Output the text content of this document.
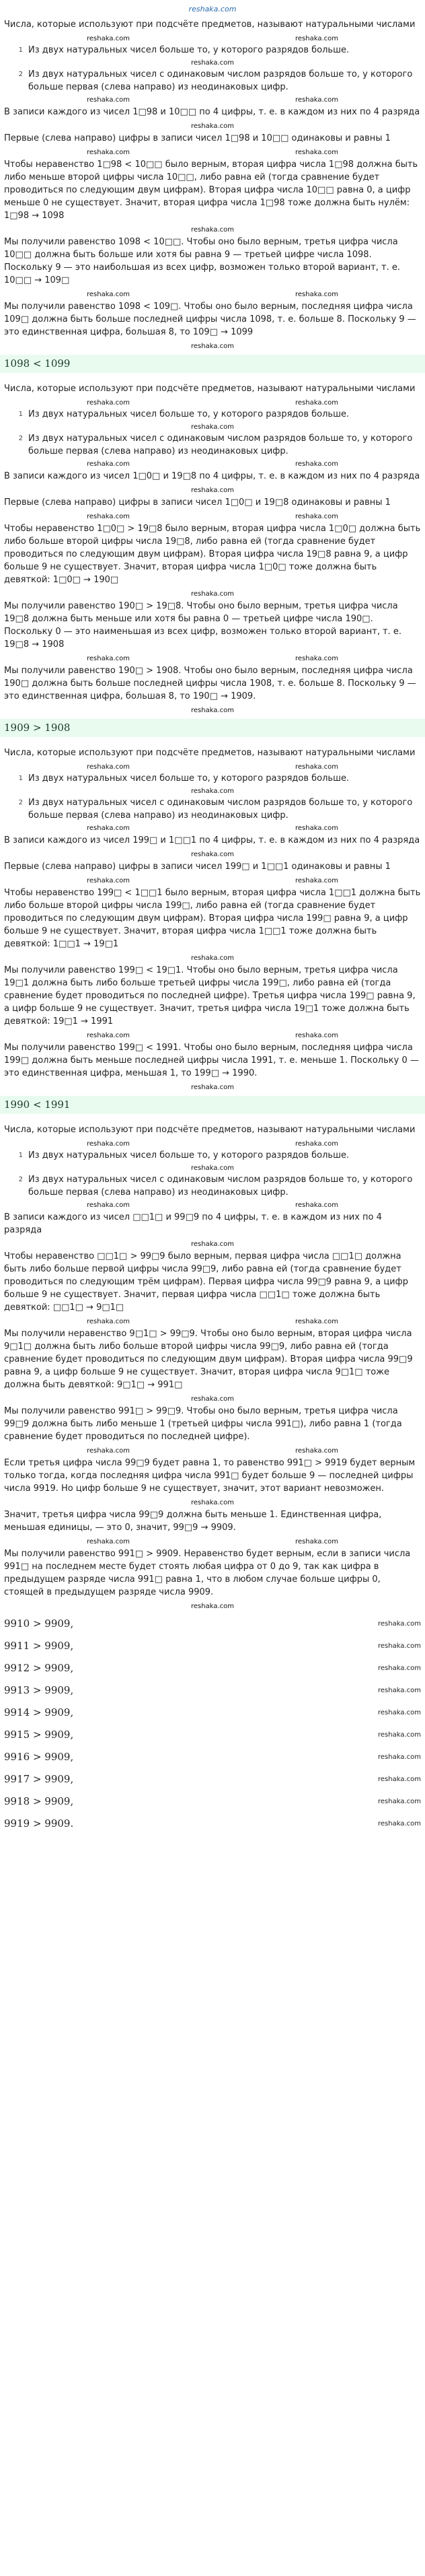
reshaka.com
Числа, которые используют при подсчёте предметов, называют натуральными числами
reshaka.com	reshaka.com
1 Из двух натуральных чисел больше то, у которого разрядов больше.
reshaka.com
2 Из двух натуральных чисел с одинаковым числом разрядов больше то, у которого больше первая (слева направо) из неодинаковых цифр.
reshaka.com	reshaka.com
В записи каждого из чисел 1□98 и 10□□ по 4 цифры, т. е. в каждом из них по 4 разряда
reshaka.com
Первые (слева направо) цифры в записи чисел 1□98 и 10□□ одинаковы и равны 1
reshaka.com	reshaka.com
Чтобы неравенство 1□98 < 10□□ было верным, вторая цифра числа 1□98 должна быть либо меньше второй цифры числа 10□□, либо равна ей (тогда сравнение будет проводиться по следующим двум цифрам). Вторая цифра числа 10□□ равна 0, а цифр меньше 0 не существует. Значит, вторая цифра числа 1□98 тоже должна быть нулём: 1□98 → 1098
reshaka.com
Мы получили равенство 1098 < 10□□. Чтобы оно было верным, третья цифра числа 10□□ должна быть больше или хотя бы равна 9 — третьей цифре числа 1098. Поскольку 9 — это наибольшая из всех цифр, возможен только второй вариант, т. е. 10□□ → 109□
reshaka.com	reshaka.com
Мы получили равенство 1098 < 109□. Чтобы оно было верным, последняя цифра числа 109□ должна быть больше последней цифры числа 1098, т. е. больше 8. Поскольку 9 — это единственная цифра, большая 8, то 109□ → 1099
reshaka.com
1098 < 1099
Числа, которые используют при подсчёте предметов, называют натуральными числами
reshaka.com	reshaka.com
1 Из двух натуральных чисел больше то, у которого разрядов больше.
reshaka.com
2 Из двух натуральных чисел с одинаковым числом разрядов больше то, у которого больше первая (слева направо) из неодинаковых цифр.
reshaka.com	reshaka.com
В записи каждого из чисел 1□0□ и 19□8 по 4 цифры, т. е. в каждом из них по 4 разряда
reshaka.com
Первые (слева направо) цифры в записи чисел 1□0□ и 19□8 одинаковы и равны 1
reshaka.com	reshaka.com
Чтобы неравенство 1□0□ > 19□8 было верным, вторая цифра числа 1□0□ должна быть либо больше второй цифры числа 19□8, либо равна ей (тогда сравнение будет проводиться по следующим двум цифрам). Вторая цифра числа 19□8 равна 9, а цифр больше 9 не существует. Значит, вторая цифра числа 1□0□ тоже должна быть девяткой: 1□0□ → 190□
reshaka.com
Мы получили равенство 190□ > 19□8. Чтобы оно было верным, третья цифра числа 19□8 должна быть меньше или хотя бы равна 0 — третьей цифре числа 190□. Поскольку 0 — это наименьшая из всех цифр, возможен только второй вариант, т. е. 19□8 → 1908
reshaka.com	reshaka.com
Мы получили равенство 190□ > 1908. Чтобы оно было верным, последняя цифра числа 190□ должна быть больше последней цифры числа 1908, т. е. больше 8. Поскольку 9 — это единственная цифра, большая 8, то 190□ → 1909.
reshaka.com
1909 > 1908
Числа, которые используют при подсчёте предметов, называют натуральными числами
reshaka.com	reshaka.com
1 Из двух натуральных чисел больше то, у которого разрядов больше.
reshaka.com
2 Из двух натуральных чисел с одинаковым числом разрядов больше то, у которого больше первая (слева направо) из неодинаковых цифр.
reshaka.com	reshaka.com
В записи каждого из чисел 199□ и 1□□1 по 4 цифры, т. е. в каждом из них по 4 разряда
reshaka.com
Первые (слева направо) цифры в записи чисел 199□ и 1□□1 одинаковы и равны 1
reshaka.com	reshaka.com
Чтобы неравенство 199□ < 1□□1 было верным, вторая цифра числа 1□□1 должна быть либо больше второй цифры числа 199□, либо равна ей (тогда сравнение будет проводиться по следующим двум цифрам). Вторая цифра числа 199□ равна 9, а цифр больше 9 не существует. Значит, вторая цифра числа 1□□1 тоже должна быть девяткой: 1□□1 → 19□1
reshaka.com
Мы получили равенство 199□ < 19□1. Чтобы оно было верным, третья цифра числа 19□1 должна быть либо больше третьей цифры числа 199□, либо равна ей (тогда сравнение будет проводиться по последней цифре). Третья цифра числа 199□ равна 9, а цифр больше 9 не существует. Значит, третья цифра числа 19□1 тоже должна быть девяткой: 19□1 → 1991
reshaka.com	reshaka.com
Мы получили равенство 199□ < 1991. Чтобы оно было верным, последняя цифра числа 199□ должна быть меньше последней цифры числа 1991, т. е. меньше 1. Поскольку 0 — это единственная цифра, меньшая 1, то 199□ → 1990.
reshaka.com
1990 < 1991
Числа, которые используют при подсчёте предметов, называют натуральными числами
reshaka.com	reshaka.com
1 Из двух натуральных чисел больше то, у которого разрядов больше.
reshaka.com
2 Из двух натуральных чисел с одинаковым числом разрядов больше то, у которого больше первая (слева направо) из неодинаковых цифр.
reshaka.com	reshaka.com
В записи каждого из чисел □□1□ и 99□9 по 4 цифры, т. е. в каждом из них по 4 разряда
reshaka.com
Чтобы неравенство □□1□ > 99□9 было верным, первая цифра числа □□1□ должна быть либо больше первой цифры числа 99□9, либо равна ей (тогда сравнение будет проводиться по следующим трём цифрам). Первая цифра числа 99□9 равна 9, а цифр больше 9 не существует. Значит, первая цифра числа □□1□ тоже должна быть девяткой: □□1□ → 9□1□
reshaka.com	reshaka.com
Мы получили неравенство 9□1□ > 99□9. Чтобы оно было верным, вторая цифра числа 9□1□ должна быть либо больше второй цифры числа 99□9, либо равна ей (тогда сравнение будет проводиться по следующим двум цифрам). Вторая цифра числа 99□9 равна 9, а цифр больше 9 не существует. Значит, вторая цифра числа 9□1□ тоже должна быть девяткой: 9□1□ → 991□
reshaka.com
Мы получили равенство 991□ > 99□9. Чтобы оно было верным, третья цифра числа 99□9 должна быть либо меньше 1 (третьей цифры числа 991□), либо равна 1 (тогда сравнение будет проводиться по последней цифре).
reshaka.com	reshaka.com
Если третья цифра числа 99□9 будет равна 1, то равенство 991□ > 9919 будет верным только тогда, когда последняя цифра числа 991□ будет больше 9 — последней цифры числа 9919. Но цифр больше 9 не существует, значит, этот вариант невозможен.
reshaka.com
Значит, третья цифра числа 99□9 должна быть меньше 1. Единственная цифра, меньшая единицы, — это 0, значит, 99□9 → 9909.
reshaka.com	reshaka.com
Мы получили равенство 991□ > 9909. Неравенство будет верным, если в записи числа 991□ на последнем месте будет стоять любая цифра от 0 до 9, так как цифра в предыдущем разряде числа 991□ равна 1, что в любом случае больше цифры 0, стоящей в предыдущем разряде числа 9909.
reshaka.com
9910 > 9909,	reshaka.com
9911 > 9909,	reshaka.com
9912 > 9909,	reshaka.com
9913 > 9909,	reshaka.com
9914 > 9909,	reshaka.com
9915 > 9909,	reshaka.com
9916 > 9909,	reshaka.com
9917 > 9909,	reshaka.com
9918 > 9909,	reshaka.com
9919 > 9909.	reshaka.com
